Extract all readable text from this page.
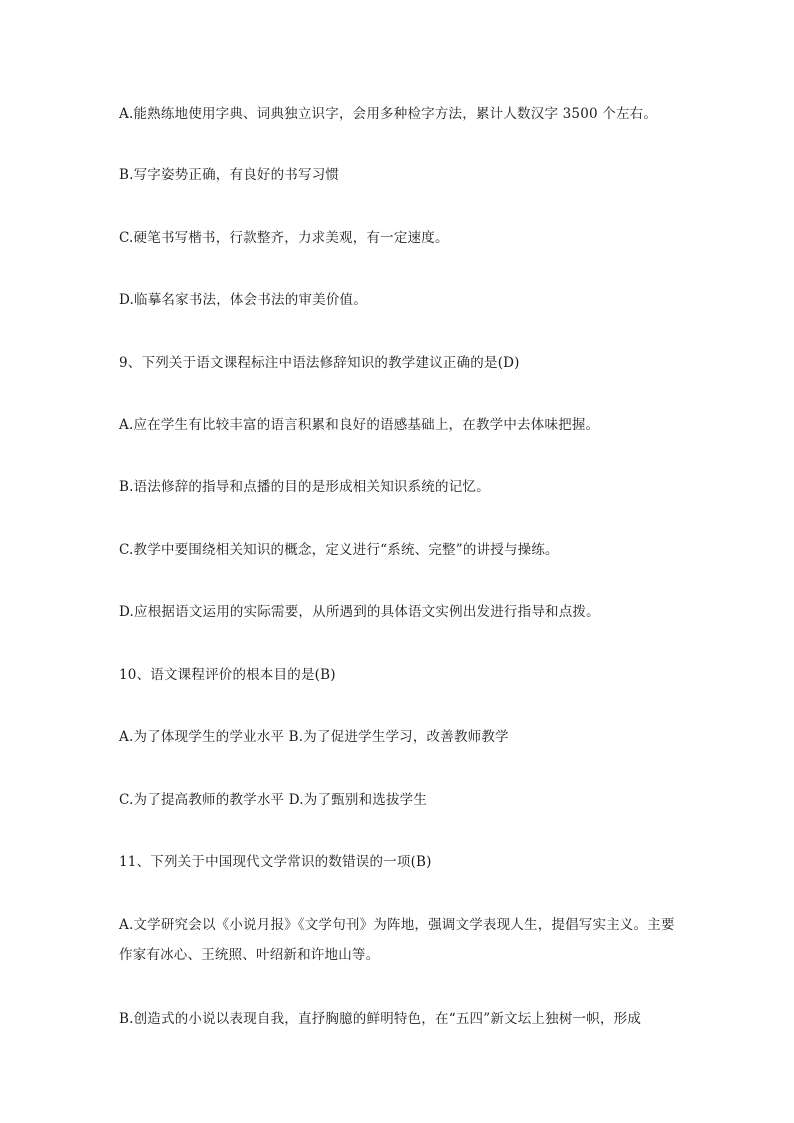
A.能熟练地使用字典、词典独立识字，会用多种检字方法，累计人数汉字 3500 个左右。
B.写字姿势正确，有良好的书写习惯
C.硬笔书写楷书，行款整齐，力求美观，有一定速度。
D.临摹名家书法，体会书法的审美价值。
9、下列关于语文课程标注中语法修辞知识的教学建议正确的是(D)
A.应在学生有比较丰富的语言积累和良好的语感基础上，在教学中去体味把握。
B.语法修辞的指导和点播的目的是形成相关知识系统的记忆。
C.教学中要围绕相关知识的概念，定义进行“系统、完整”的讲授与操练。
D.应根据语文运用的实际需要，从所遇到的具体语文实例出发进行指导和点拨。
10、语文课程评价的根本目的是(B)
A.为了体现学生的学业水平 B.为了促进学生学习，改善教师教学
C.为了提高教师的教学水平 D.为了甄别和选拔学生
11、下列关于中国现代文学常识的数错误的一项(B)
A.文学研究会以《小说月报》《文学句刊》为阵地，强调文学表现人生，提倡写实主义。主要作家有冰心、王统照、叶绍新和许地山等。
B.创造式的小说以表现自我，直抒胸臆的鲜明特色，在“五四”新文坛上独树一帜，形成
